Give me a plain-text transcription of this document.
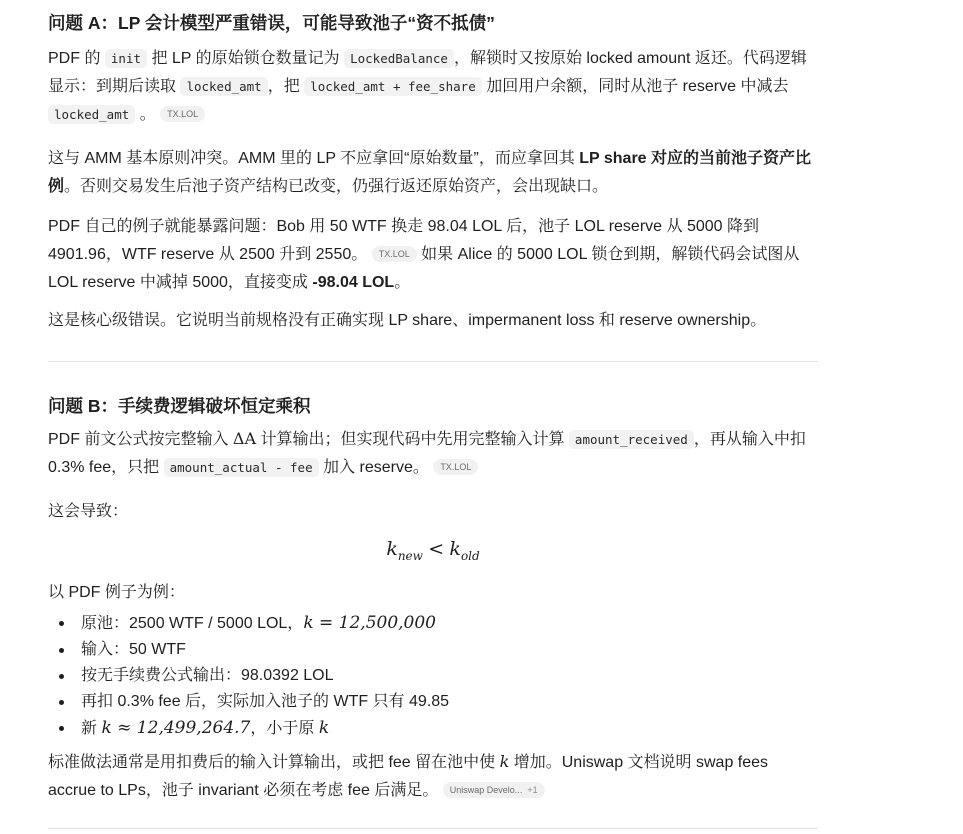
问题 A：LP 会计模型严重错误，可能导致池子“资不抵债”

PDF 的 init 把 LP 的原始锁仓数量记为 LockedBalance ，解锁时又按原始 locked amount 返还。代码逻辑显示：到期后读取 locked_amt ，把 locked_amt + fee_share 加回用户余额，同时从池子 reserve 中减去 locked_amt 。 TX.LOL

这与 AMM 基本原则冲突。AMM 里的 LP 不应拿回“原始数量”，而应拿回其 LP share 对应的当前池子资产比例。否则交易发生后池子资产结构已改变，仍强行返还原始资产，会出现缺口。

PDF 自己的例子就能暴露问题：Bob 用 50 WTF 换走 98.04 LOL 后，池子 LOL reserve 从 5000 降到 4901.96，WTF reserve 从 2500 升到 2550。 TX.LOL 如果 Alice 的 5000 LOL 锁仓到期，解锁代码会试图从 LOL reserve 中减掉 5000，直接变成 -98.04 LOL。

这是核心级错误。它说明当前规格没有正确实现 LP share、impermanent loss 和 reserve ownership。

问题 B：手续费逻辑破坏恒定乘积

PDF 前文公式按完整输入 ΔA 计算输出；但实现代码中先用完整输入计算 amount_received ，再从输入中扣 0.3% fee，只把 amount_actual - fee 加入 reserve。 TX.LOL

这会导致：

$k_{new} < k_{old}$

以 PDF 例子为例：

原池：2500 WTF / 5000 LOL，k = 12,500,000
输入：50 WTF
按无手续费公式输出：98.0392 LOL
再扣 0.3% fee 后，实际加入池子的 WTF 只有 49.85
新 k ≈ 12,499,264.7，小于原 k

标准做法通常是用扣费后的输入计算输出，或把 fee 留在池中使 k 增加。Uniswap 文档说明 swap fees accrue to LPs，池子 invariant 必须在考虑 fee 后满足。 Uniswap Develo... +1
